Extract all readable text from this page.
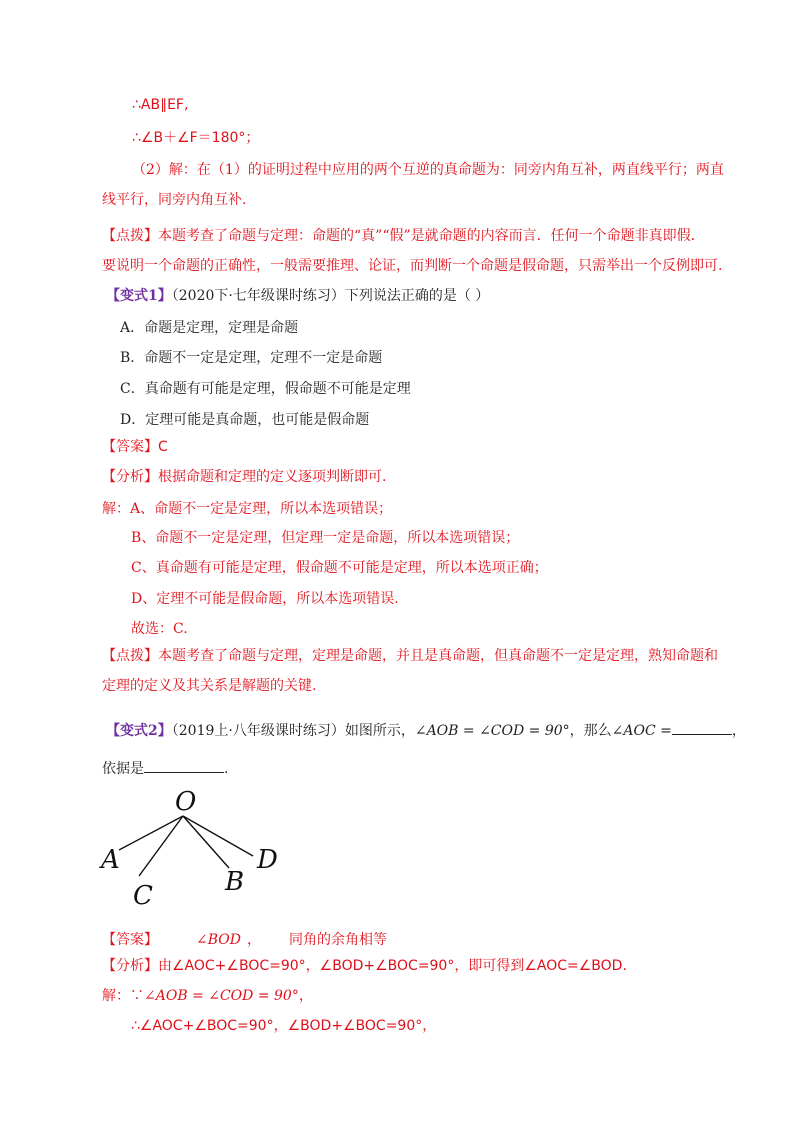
∴AB∥EF,
∴∠B＋∠F＝180°；
（2）解：在（1）的证明过程中应用的两个互逆的真命题为：同旁内角互补，两直线平行；两直
线平行，同旁内角互补.
【点拨】本题考查了命题与定理：命题的“真”“假”是就命题的内容而言．任何一个命题非真即假．
要说明一个命题的正确性，一般需要推理、论证，而判断一个命题是假命题，只需举出一个反例即可.
【变式1】（2020下·七年级课时练习）下列说法正确的是（ ）
A．命题是定理，定理是命题
B．命题不一定是定理，定理不一定是命题
C．真命题有可能是定理，假命题不可能是定理
D．定理可能是真命题，也可能是假命题
【答案】C
【分析】根据命题和定理的定义逐项判断即可.
解：A、命题不一定是定理，所以本选项错误；
B、命题不一定是定理，但定理一定是命题，所以本选项错误；
C、真命题有可能是定理，假命题不可能是定理，所以本选项正确；
D、定理不可能是假命题，所以本选项错误.
故选：C.
【点拨】本题考查了命题与定理，定理是命题，并且是真命题，但真命题不一定是定理，熟知命题和
定理的定义及其关系是解题的关键.
【变式2】（2019上·八年级课时练习）如图所示，∠AOB = ∠COD = 90°，那么∠AOC =	，
依据是	.
O
A
C	B
D
【答案】	∠BOD ， 同角的余角相等
【分析】由∠AOC+∠BOC=90°，∠BOD+∠BOC=90°，即可得到∠AOC=∠BOD.
解：∵∠AOB = ∠COD = 90°，
∴∠AOC+∠BOC=90°，∠BOD+∠BOC=90°，
